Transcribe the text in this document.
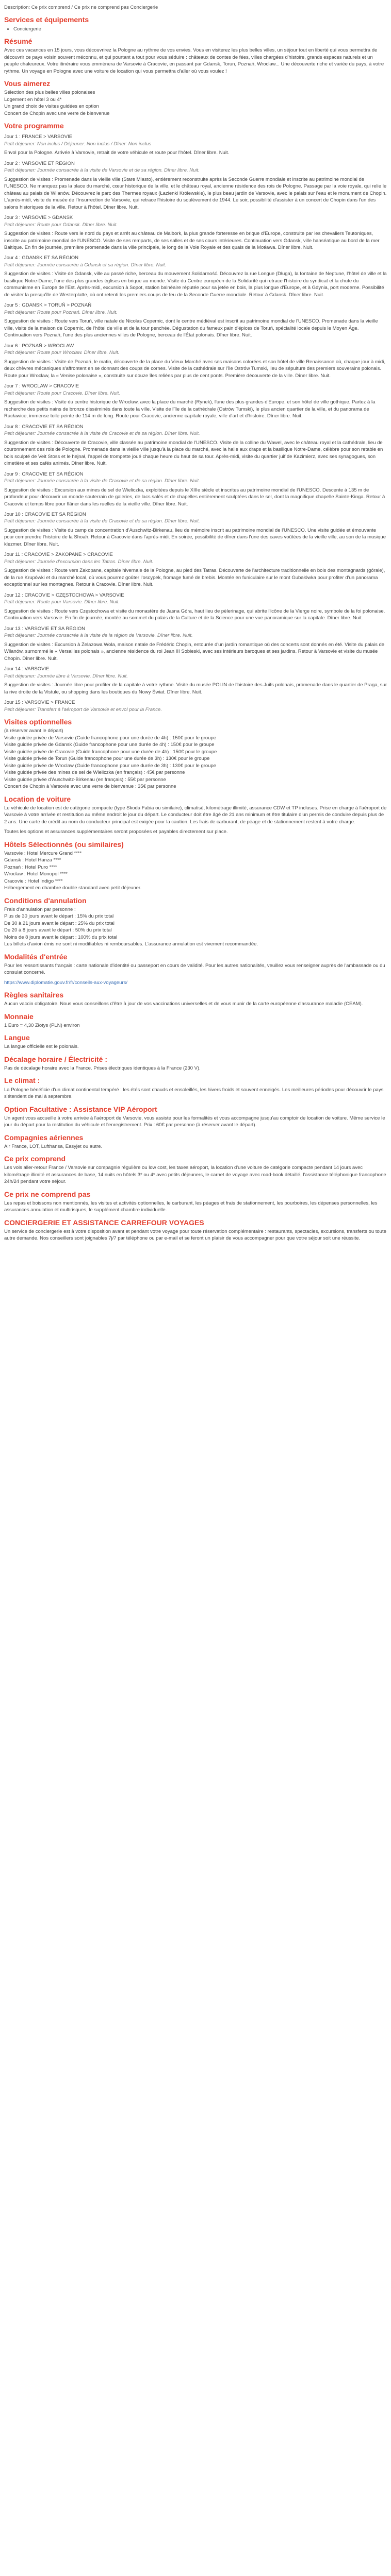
Description: Ce prix comprend / Ce prix ne comprend pas Conciergerie

Services et équipements
• Conciergerie
Résumé

Avec ces vacances en 15 jours, vous découvrirez la Pologne au rythme de vos envies. Vous en visiterez les plus belles villes, un séjour tout en liberté qui vous permettra de découvrir ce pays voisin souvent méconnu, et qui pourtant a tout pour vous séduire : châteaux de contes de fées, villes chargées d'histoire, grands espaces naturels et un peuple chaleureux. Votre itinéraire vous emmènera de Varsovie à Cracovie, en passant par Gdansk, Torun, Poznań, Wroclaw... Une découverte riche et variée du pays, à votre rythme. Un voyage en Pologne avec une voiture de location qui vous permettra d'aller où vous voulez !

Vous aimerez
Sélection des plus belles villes polonaises
Logement en hôtel 3 ou 4*
Un grand choix de visites guidées en option
Concert de Chopin avec une verre de bienvenue
Votre programme
Jour 1 : FRANCE > VARSOVIE
Petit déjeuner: Non inclus / Déjeuner: Non inclus / Dîner: Non inclus

Envol pour la Pologne. Arrivée à Varsovie, retrait de votre véhicule et route pour l'hôtel. Dîner libre. Nuit.

Jour 2 : VARSOVIE ET RÉGION
Petit déjeuner: Journée consacrée à la visite de Varsovie et de sa région. Dîner libre. Nuit.

Suggestion de visites : Promenade dans la vieille ville (Stare Miasto), entièrement reconstruite après la Seconde Guerre mondiale et inscrite au patrimoine mondial de l'UNESCO. Ne manquez pas la place du marché, cœur historique de la ville, et le château royal, ancienne résidence des rois de Pologne. Passage par la voie royale, qui relie le château au palais de Wilanów. Découvrez le parc des Thermes royaux (Łazienki Królewskie), le plus beau jardin de Varsovie, avec le palais sur l'eau et le monument de Chopin. L'après-midi, visite du musée de l'Insurrection de Varsovie, qui retrace l'histoire du soulèvement de 1944. Le soir, possibilité d'assister à un concert de Chopin dans l'un des salons historiques de la ville. Retour à l'hôtel. Dîner libre. Nuit.

Jour 3 : VARSOVIE > GDANSK
Petit déjeuner: Route pour Gdansk. Dîner libre. Nuit.

Suggestion de visites : Route vers le nord du pays et arrêt au château de Malbork, la plus grande forteresse en brique d'Europe, construite par les chevaliers Teutoniques, inscrite au patrimoine mondial de l'UNESCO. Visite de ses remparts, de ses salles et de ses cours intérieures. Continuation vers Gdansk, ville hanséatique au bord de la mer Baltique. En fin de journée, première promenade dans la ville principale, le long de la Voie Royale et des quais de la Motława. Dîner libre. Nuit.

Jour 4 : GDANSK ET SA RÉGION
Petit déjeuner: Journée consacrée à Gdansk et sa région. Dîner libre. Nuit.

Suggestion de visites : Visite de Gdansk, ville au passé riche, berceau du mouvement Solidarność. Découvrez la rue Longue (Długa), la fontaine de Neptune, l'hôtel de ville et la basilique Notre-Dame, l'une des plus grandes églises en brique au monde. Visite du Centre européen de la Solidarité qui retrace l'histoire du syndicat et la chute du communisme en Europe de l'Est. Après-midi, excursion à Sopot, station balnéaire réputée pour sa jetée en bois, la plus longue d'Europe, et à Gdynia, port moderne. Possibilité de visiter la presqu'île de Westerplatte, où ont retenti les premiers coups de feu de la Seconde Guerre mondiale. Retour à Gdansk. Dîner libre. Nuit.

Jour 5 : GDANSK > TORUŃ > POZNAŃ
Petit déjeuner: Route pour Poznań. Dîner libre. Nuit.

Suggestion de visites : Route vers Toruń, ville natale de Nicolas Copernic, dont le centre médiéval est inscrit au patrimoine mondial de l'UNESCO. Promenade dans la vieille ville, visite de la maison de Copernic, de l'hôtel de ville et de la tour penchée. Dégustation du fameux pain d'épices de Toruń, spécialité locale depuis le Moyen Âge. Continuation vers Poznań, l'une des plus anciennes villes de Pologne, berceau de l'État polonais. Dîner libre. Nuit.

Jour 6 : POZNAŃ > WROCLAW
Petit déjeuner: Route pour Wrocław. Dîner libre. Nuit.

Suggestion de visites : Visite de Poznań, le matin, découverte de la place du Vieux Marché avec ses maisons colorées et son hôtel de ville Renaissance où, chaque jour à midi, deux chèvres mécaniques s'affrontent en se donnant des coups de cornes. Visite de la cathédrale sur l'île Ostrów Tumski, lieu de sépulture des premiers souverains polonais. Route pour Wrocław, la « Venise polonaise », construite sur douze îles reliées par plus de cent ponts. Première découverte de la ville. Dîner libre. Nuit.

Jour 7 : WROCLAW > CRACOVIE
Petit déjeuner: Route pour Cracovie. Dîner libre. Nuit.

Suggestion de visites : Visite du centre historique de Wrocław, avec la place du marché (Rynek), l'une des plus grandes d'Europe, et son hôtel de ville gothique. Partez à la recherche des petits nains de bronze disséminés dans toute la ville. Visite de l'île de la cathédrale (Ostrów Tumski), le plus ancien quartier de la ville, et du panorama de Racławice, immense toile peinte de 114 m de long. Route pour Cracovie, ancienne capitale royale, ville d'art et d'histoire. Dîner libre. Nuit.

Jour 8 : CRACOVIE ET SA RÉGION
Petit déjeuner: Journée consacrée à la visite de Cracovie et de sa région. Dîner libre. Nuit.

Suggestion de visites : Découverte de Cracovie, ville classée au patrimoine mondial de l'UNESCO. Visite de la colline du Wawel, avec le château royal et la cathédrale, lieu de couronnement des rois de Pologne. Promenade dans la vieille ville jusqu'à la place du marché, avec la halle aux draps et la basilique Notre-Dame, célèbre pour son retable en bois sculpté de Veit Stoss et le hejnał, l'appel de trompette joué chaque heure du haut de sa tour. Après-midi, visite du quartier juif de Kazimierz, avec ses synagogues, son cimetière et ses cafés animés. Dîner libre. Nuit.

Jour 9 : CRACOVIE ET SA RÉGION
Petit déjeuner: Journée consacrée à la visite de Cracovie et de sa région. Dîner libre. Nuit.

Suggestion de visites : Excursion aux mines de sel de Wieliczka, exploitées depuis le XIIIe siècle et inscrites au patrimoine mondial de l'UNESCO. Descente à 135 m de profondeur pour découvrir un monde souterrain de galeries, de lacs salés et de chapelles entièrement sculptées dans le sel, dont la magnifique chapelle Sainte-Kinga. Retour à Cracovie et temps libre pour flâner dans les ruelles de la vieille ville. Dîner libre. Nuit.

Jour 10 : CRACOVIE ET SA RÉGION
Petit déjeuner: Journée consacrée à la visite de Cracovie et de sa région. Dîner libre. Nuit.

Suggestion de visites : Visite du camp de concentration d'Auschwitz-Birkenau, lieu de mémoire inscrit au patrimoine mondial de l'UNESCO. Une visite guidée et émouvante pour comprendre l'histoire de la Shoah. Retour à Cracovie dans l'après-midi. En soirée, possibilité de dîner dans l'une des caves voûtées de la vieille ville, au son de la musique klezmer. Dîner libre. Nuit.

Jour 11 : CRACOVIE > ZAKOPANE > CRACOVIE
Petit déjeuner: Journée d'excursion dans les Tatras. Dîner libre. Nuit.

Suggestion de visites : Route vers Zakopane, capitale hivernale de la Pologne, au pied des Tatras. Découverte de l'architecture traditionnelle en bois des montagnards (górale), de la rue Krupówki et du marché local, où vous pourrez goûter l'oscypek, fromage fumé de brebis. Montée en funiculaire sur le mont Gubałówka pour profiter d'un panorama exceptionnel sur les montagnes. Retour à Cracovie. Dîner libre. Nuit.

Jour 12 : CRACOVIE > CZĘSTOCHOWA > VARSOVIE
Petit déjeuner: Route pour Varsovie. Dîner libre. Nuit.

Suggestion de visites : Route vers Częstochowa et visite du monastère de Jasna Góra, haut lieu de pèlerinage, qui abrite l'icône de la Vierge noire, symbole de la foi polonaise. Continuation vers Varsovie. En fin de journée, montée au sommet du palais de la Culture et de la Science pour une vue panoramique sur la capitale. Dîner libre. Nuit.

Jour 13 : VARSOVIE ET SA RÉGION
Petit déjeuner: Journée consacrée à la visite de la région de Varsovie. Dîner libre. Nuit.

Suggestion de visites : Excursion à Żelazowa Wola, maison natale de Frédéric Chopin, entourée d'un jardin romantique où des concerts sont donnés en été. Visite du palais de Wilanów, surnommé le « Versailles polonais », ancienne résidence du roi Jean III Sobieski, avec ses intérieurs baroques et ses jardins. Retour à Varsovie et visite du musée Chopin. Dîner libre. Nuit.

Jour 14 : VARSOVIE
Petit déjeuner: Journée libre à Varsovie. Dîner libre. Nuit.

Suggestion de visites : Journée libre pour profiter de la capitale à votre rythme. Visite du musée POLIN de l'histoire des Juifs polonais, promenade dans le quartier de Praga, sur la rive droite de la Vistule, ou shopping dans les boutiques du Nowy Świat. Dîner libre. Nuit.

Jour 15 : VARSOVIE > FRANCE
Petit déjeuner: Transfert à l'aéroport de Varsovie et envol pour la France.
Visites optionnelles
(à réserver avant le départ)
Visite guidée privée de Varsovie (Guide francophone pour une durée de 4h) : 150€ pour le groupe
Visite guidée privée de Gdansk (Guide francophone pour une durée de 4h) : 150€ pour le groupe
Visite guidée privée de Cracovie (Guide francophone pour une durée de 4h) : 150€ pour le groupe
Visite guidée privée de Torun (Guide francophone pour une durée de 3h) : 130€ pour le groupe
Visite guidée privée de Wroclaw (Guide francophone pour une durée de 3h) : 130€ pour le groupe
Visite guidée privée des mines de sel de Wieliczka (en français) : 45€ par personne
Visite guidée privée d'Auschwitz-Birkenau (en français) : 55€ par personne
Concert de Chopin à Varsovie avec une verre de bienvenue : 35€ par personne
Location de voiture

Le véhicule de location est de catégorie compacte (type Skoda Fabia ou similaire), climatisé, kilométrage illimité, assurance CDW et TP incluses. Prise en charge à l'aéroport de Varsovie à votre arrivée et restitution au même endroit le jour du départ. Le conducteur doit être âgé de 21 ans minimum et être titulaire d'un permis de conduire depuis plus de 2 ans. Une carte de crédit au nom du conducteur principal est exigée pour la caution. Les frais de carburant, de péage et de stationnement restent à votre charge.

Toutes les options et assurances supplémentaires seront proposées et payables directement sur place.

Hôtels Sélectionnés (ou similaires)
Varsovie : Hotel Mercure Grand ****
Gdansk : Hotel Hanza ****
Poznań : Hotel Puro ****
Wroclaw : Hotel Monopol ****
Cracovie : Hotel Indigo ****

Hébergement en chambre double standard avec petit déjeuner.

Conditions d'annulation
Frais d'annulation par personne :
Plus de 30 jours avant le départ : 15% du prix total
De 30 à 21 jours avant le départ : 25% du prix total
De 20 à 8 jours avant le départ : 50% du prix total
Moins de 8 jours avant le départ : 100% du prix total

Les billets d'avion émis ne sont ni modifiables ni remboursables. L'assurance annulation est vivement recommandée.

Modalités d'entrée

Pour les ressortissants français : carte nationale d'identité ou passeport en cours de validité. Pour les autres nationalités, veuillez vous renseigner auprès de l'ambassade ou du consulat concerné.

https://www.diplomatie.gouv.fr/fr/conseils-aux-voyageurs/

Règles sanitaires

Aucun vaccin obligatoire. Nous vous conseillons d'être à jour de vos vaccinations universelles et de vous munir de la carte européenne d'assurance maladie (CEAM).

Monnaie

1 Euro = 4,30 Złotys (PLN) environ

Langue

La langue officielle est le polonais.

Décalage horaire / Électricité :

Pas de décalage horaire avec la France. Prises électriques identiques à la France (230 V).

Le climat :

La Pologne bénéficie d'un climat continental tempéré : les étés sont chauds et ensoleillés, les hivers froids et souvent enneigés. Les meilleures périodes pour découvrir le pays s'étendent de mai à septembre.

Option Facultative : Assistance VIP Aéroport

Un agent vous accueille à votre arrivée à l'aéroport de Varsovie, vous assiste pour les formalités et vous accompagne jusqu'au comptoir de location de voiture. Même service le jour du départ pour la restitution du véhicule et l'enregistrement. Prix : 60€ par personne (à réserver avant le départ).

Compagnies aériennes

Air France, LOT, Lufthansa, Easyjet ou autre.

Ce prix comprend

Les vols aller-retour France / Varsovie sur compagnie régulière ou low cost, les taxes aéroport, la location d'une voiture de catégorie compacte pendant 14 jours avec kilométrage illimité et assurances de base, 14 nuits en hôtels 3* ou 4* avec petits déjeuners, le carnet de voyage avec road-book détaillé, l'assistance téléphonique francophone 24h/24 pendant votre séjour.

Ce prix ne comprend pas

Les repas et boissons non mentionnés, les visites et activités optionnelles, le carburant, les péages et frais de stationnement, les pourboires, les dépenses personnelles, les assurances annulation et multirisques, le supplément chambre individuelle.

CONCIERGERIE ET ASSISTANCE CARREFOUR VOYAGES

Un service de conciergerie est à votre disposition avant et pendant votre voyage pour toute réservation complémentaire : restaurants, spectacles, excursions, transferts ou toute autre demande. Nos conseillers sont joignables 7j/7 par téléphone ou par e-mail et se feront un plaisir de vous accompagner pour que votre séjour soit une réussite.
